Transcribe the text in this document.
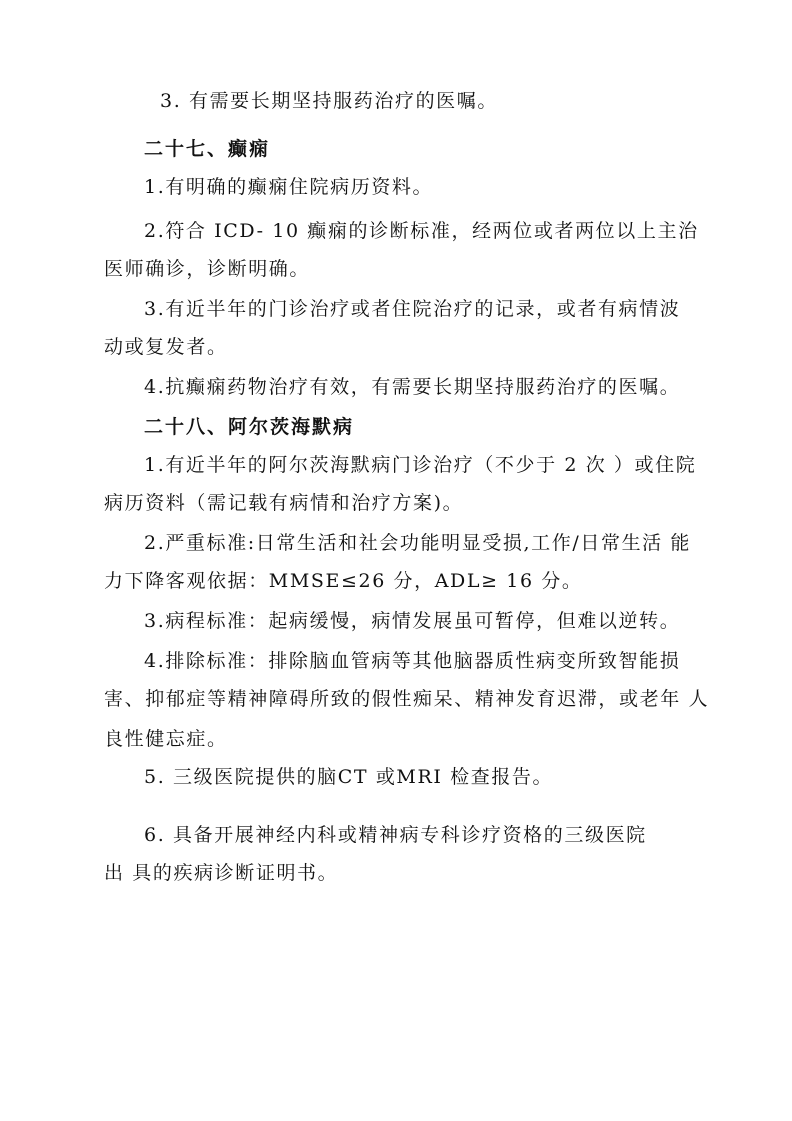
3. 有需要长期坚持服药治疗的医嘱。
二十七、癫痫
1.有明确的癫痫住院病历资料。
2.符合 ICD- 10 癫痫的诊断标准，经两位或者两位以上主治
医师确诊，诊断明确。
3.有近半年的门诊治疗或者住院治疗的记录，或者有病情波
动或复发者。
4.抗癫痫药物治疗有效，有需要长期坚持服药治疗的医嘱。
二十八、阿尔茨海默病
1.有近半年的阿尔茨海默病门诊治疗（不少于 2 次 ）或住院
病历资料（需记载有病情和治疗方案)。
2.严重标准:日常生活和社会功能明显受损,工作/日常生活 能
力下降客观依据：MMSE≤26 分，ADL≥ 16 分。
3.病程标准：起病缓慢，病情发展虽可暂停，但难以逆转。
4.排除标准：排除脑血管病等其他脑器质性病变所致智能损
害、抑郁症等精神障碍所致的假性痴呆、精神发育迟滞，或老年 人
良性健忘症。
5. 三级医院提供的脑CT 或MRI 检查报告。
6. 具备开展神经内科或精神病专科诊疗资格的三级医院
出 具的疾病诊断证明书。
